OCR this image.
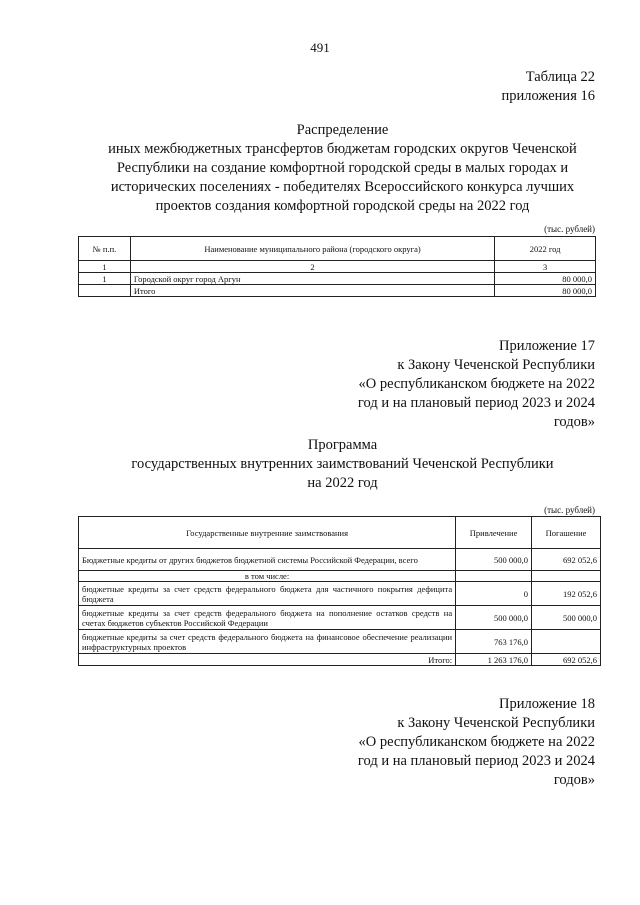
491
Таблица 22
приложения 16
Распределение
иных межбюджетных трансфертов бюджетам городских округов Чеченской
Республики на создание комфортной городской среды в малых городах и
исторических поселениях - победителях Всероссийского конкурса лучших
проектов создания комфортной городской среды на 2022 год
(тыс. рублей)
№ п.п.	Наименование муниципального района (городского округа)	2022 год
1	2	3
1	Городской округ город Аргун	80 000,0
	Итого	80 000,0
Приложение 17
к Закону Чеченской Республики
«О республиканском бюджете на 2022
год и на плановый период 2023 и 2024
годов»
Программа
государственных внутренних заимствований Чеченской Республики
на 2022 год
(тыс. рублей)
Государственные внутренние заимствования	Привлечение	Погашение
Бюджетные кредиты от других бюджетов бюджетной системы Российской Федерации, всего	500 000,0	692 052,6
в том числе:		
бюджетные кредиты за счет средств федерального бюджета для частичного покрытия дефицита бюджета	0	192 052,6
бюджетные кредиты за счет средств федерального бюджета на пополнение остатков средств на счетах бюджетов субъектов Российской Федерации	500 000,0	500 000,0
бюджетные кредиты за счет средств федерального бюджета на финансовое обеспечение реализации инфраструктурных проектов	763 176,0	
Итого:	1 263 176,0	692 052,6
Приложение 18
к Закону Чеченской Республики
«О республиканском бюджете на 2022
год и на плановый период 2023 и 2024
годов»
